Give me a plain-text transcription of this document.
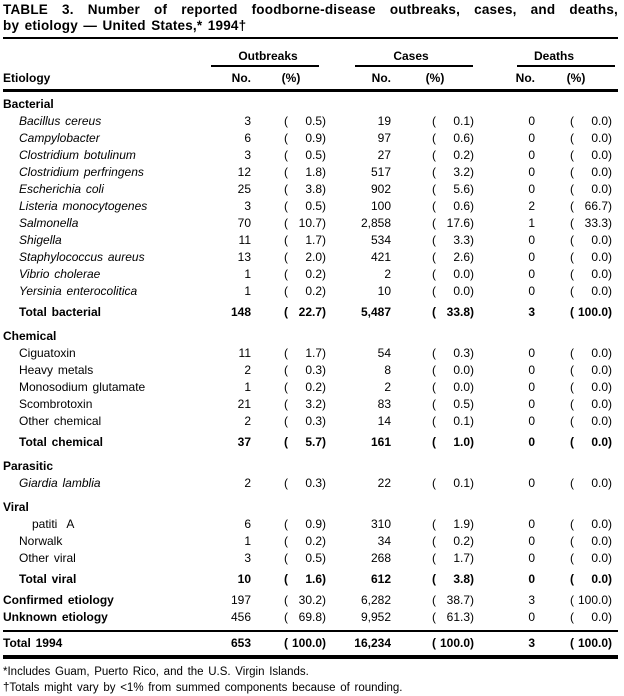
TABLE 3. Number of reported foodborne-disease outbreaks, cases, and deaths,
by etiology — United States,* 1994†
Outbreaks	Cases	Deaths
Etiology	No.	(%)	No.	(%)	No.	(%)
Bacterial
Bacillus cereus	3	( 0.5)	19	( 0.1)	0	( 0.0)
Campylobacter	6	( 0.9)	97	( 0.6)	0	( 0.0)
Clostridium botulinum	3	( 0.5)	27	( 0.2)	0	( 0.0)
Clostridium perfringens	12	( 1.8)	517	( 3.2)	0	( 0.0)
Escherichia coli	25	( 3.8)	902	( 5.6)	0	( 0.0)
Listeria monocytogenes	3	( 0.5)	100	( 0.6)	2	( 66.7)
Salmonella	70	( 10.7)	2,858	( 17.6)	1	( 33.3)
Shigella	11	( 1.7)	534	( 3.3)	0	( 0.0)
Staphylococcus aureus	13	( 2.0)	421	( 2.6)	0	( 0.0)
Vibrio cholerae	1	( 0.2)	2	( 0.0)	0	( 0.0)
Yersinia enterocolitica	1	( 0.2)	10	( 0.0)	0	( 0.0)
Total bacterial	148	( 22.7)	5,487	( 33.8)	3	( 100.0)
Chemical
Ciguatoxin	11	( 1.7)	54	( 0.3)	0	( 0.0)
Heavy metals	2	( 0.3)	8	( 0.0)	0	( 0.0)
Monosodium glutamate	1	( 0.2)	2	( 0.0)	0	( 0.0)
Scombrotoxin	21	( 3.2)	83	( 0.5)	0	( 0.0)
Other chemical	2	( 0.3)	14	( 0.1)	0	( 0.0)
Total chemical	37	( 5.7)	161	( 1.0)	0	( 0.0)
Parasitic
Giardia lamblia	2	( 0.3)	22	( 0.1)	0	( 0.0)
Viral
patiti  A	6	( 0.9)	310	( 1.9)	0	( 0.0)
Norwalk	1	( 0.2)	34	( 0.2)	0	( 0.0)
Other viral	3	( 0.5)	268	( 1.7)	0	( 0.0)
Total viral	10	( 1.6)	612	( 3.8)	0	( 0.0)
Confirmed etiology	197	( 30.2)	6,282	( 38.7)	3	( 100.0)
Unknown etiology	456	( 69.8)	9,952	( 61.3)	0	( 0.0)
Total 1994	653	( 100.0)	16,234	( 100.0)	3	( 100.0)
*Includes Guam, Puerto Rico, and the U.S. Virgin Islands.
†Totals might vary by <1% from summed components because of rounding.
